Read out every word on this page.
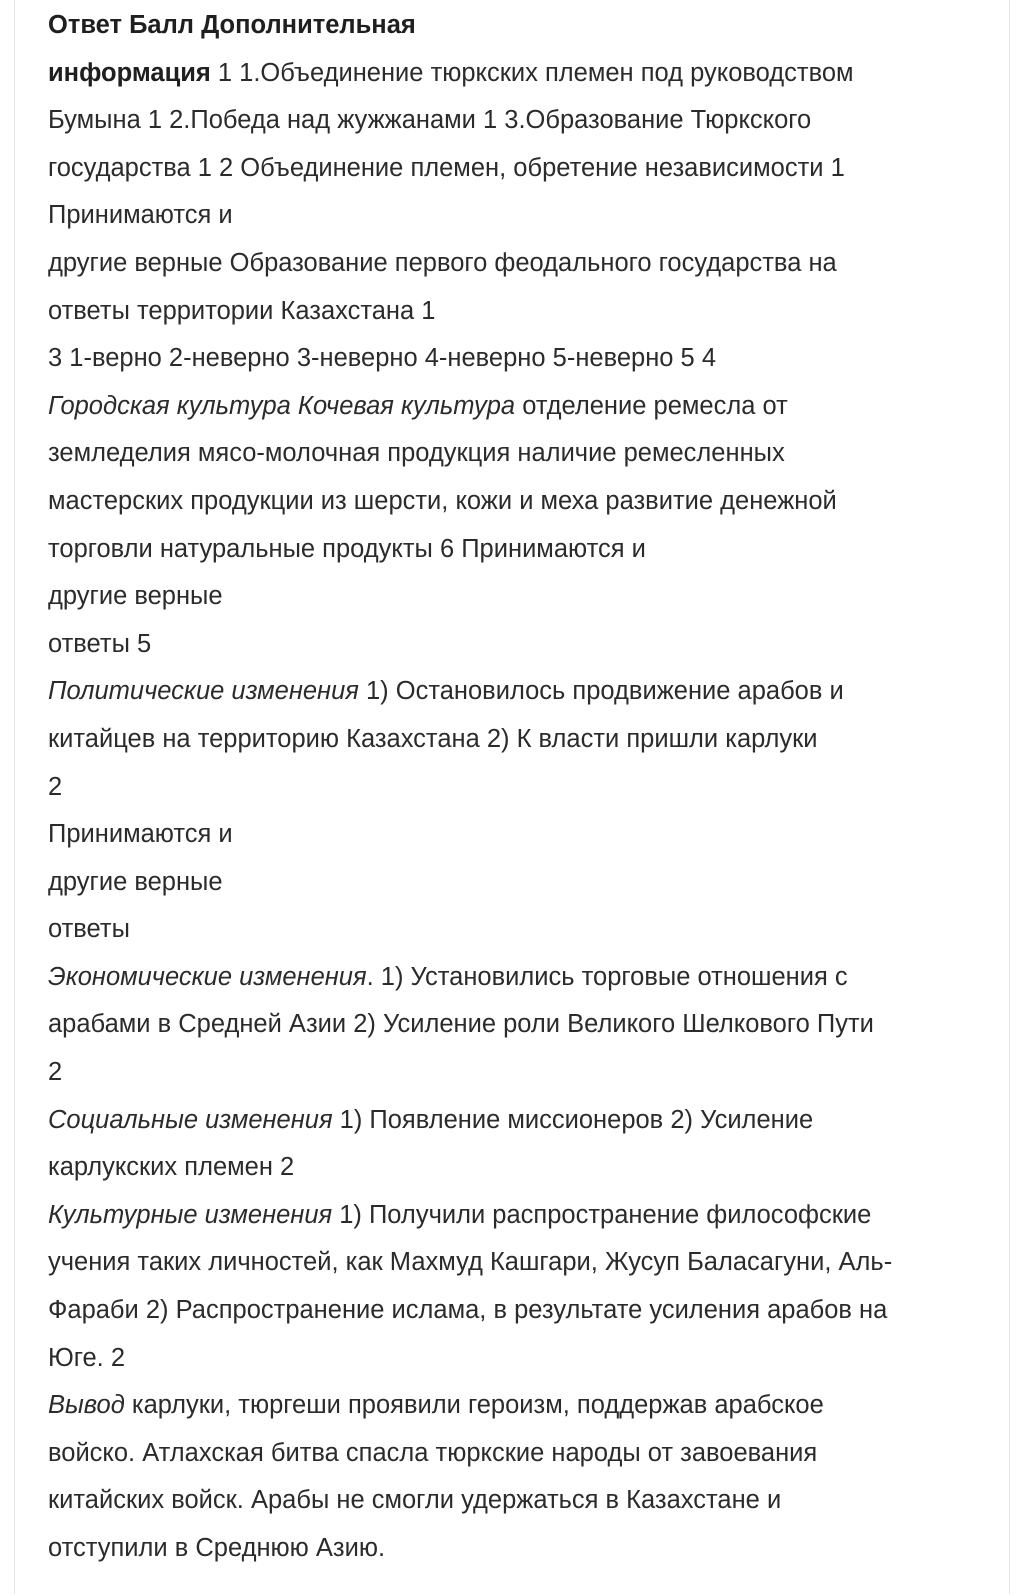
Ответ Балл Дополнительная
информация 1 1.Объединение тюркских племен под руководством
Бумына 1 2.Победа над жужжанами 1 3.Образование Тюркского
государства 1 2 Объединение племен, обретение независимости 1
Принимаются и
другие верные Образование первого феодального государства на
ответы территории Казахстана 1
3 1-верно 2-неверно 3-неверно 4-неверно 5-неверно 5 4
Городская культура Кочевая культура отделение ремесла от
земледелия мясо-молочная продукция наличие ремесленных
мастерских продукции из шерсти, кожи и меха развитие денежной
торговли натуральные продукты 6 Принимаются и
другие верные
ответы 5
Политические изменения 1) Остановилось продвижение арабов и
китайцев на территорию Казахстана 2) К власти пришли карлуки
2
Принимаются и
другие верные
ответы
Экономические изменения. 1) Установились торговые отношения с
арабами в Средней Азии 2) Усиление роли Великого Шелкового Пути
2
Социальные изменения 1) Появление миссионеров 2) Усиление
карлукских племен 2
Культурные изменения 1) Получили распространение философские
учения таких личностей, как Махмуд Кашгари, Жусуп Баласагуни, Аль-
Фараби 2) Распространение ислама, в результате усиления арабов на
Юге. 2
Вывод карлуки, тюргеши проявили героизм, поддержав арабское
войско. Атлахская битва спасла тюркские народы от завоевания
китайских войск. Арабы не смогли удержаться в Казахстане и
отступили в Среднюю Азию.
